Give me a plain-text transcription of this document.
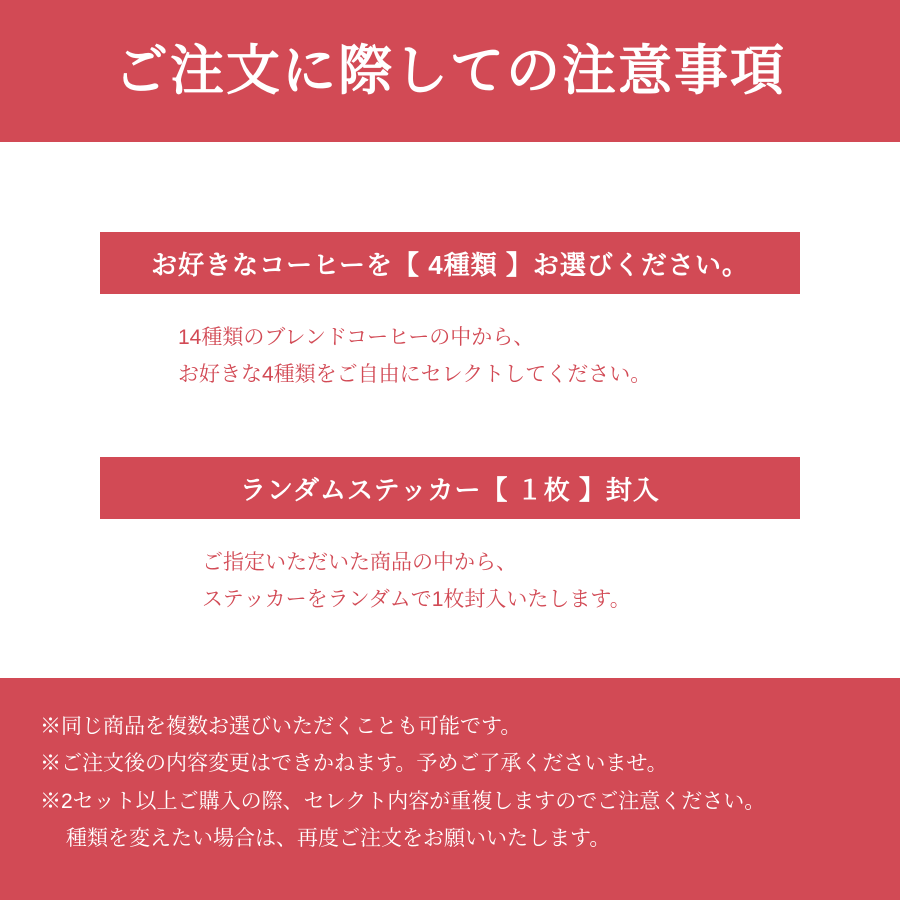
ご注文に際しての注意事項
お好きなコーヒーを【 4種類 】お選びください。
14種類のブレンドコーヒーの中から、
お好きな4種類をご自由にセレクトしてください。
ランダムステッカー【 １枚 】封入
ご指定いただいた商品の中から、
ステッカーをランダムで1枚封入いたします。
※同じ商品を複数お選びいただくことも可能です。
※ご注文後の内容変更はできかねます。予めご了承くださいませ。
※2セット以上ご購入の際、セレクト内容が重複しますのでご注意ください。
種類を変えたい場合は、再度ご注文をお願いいたします。
